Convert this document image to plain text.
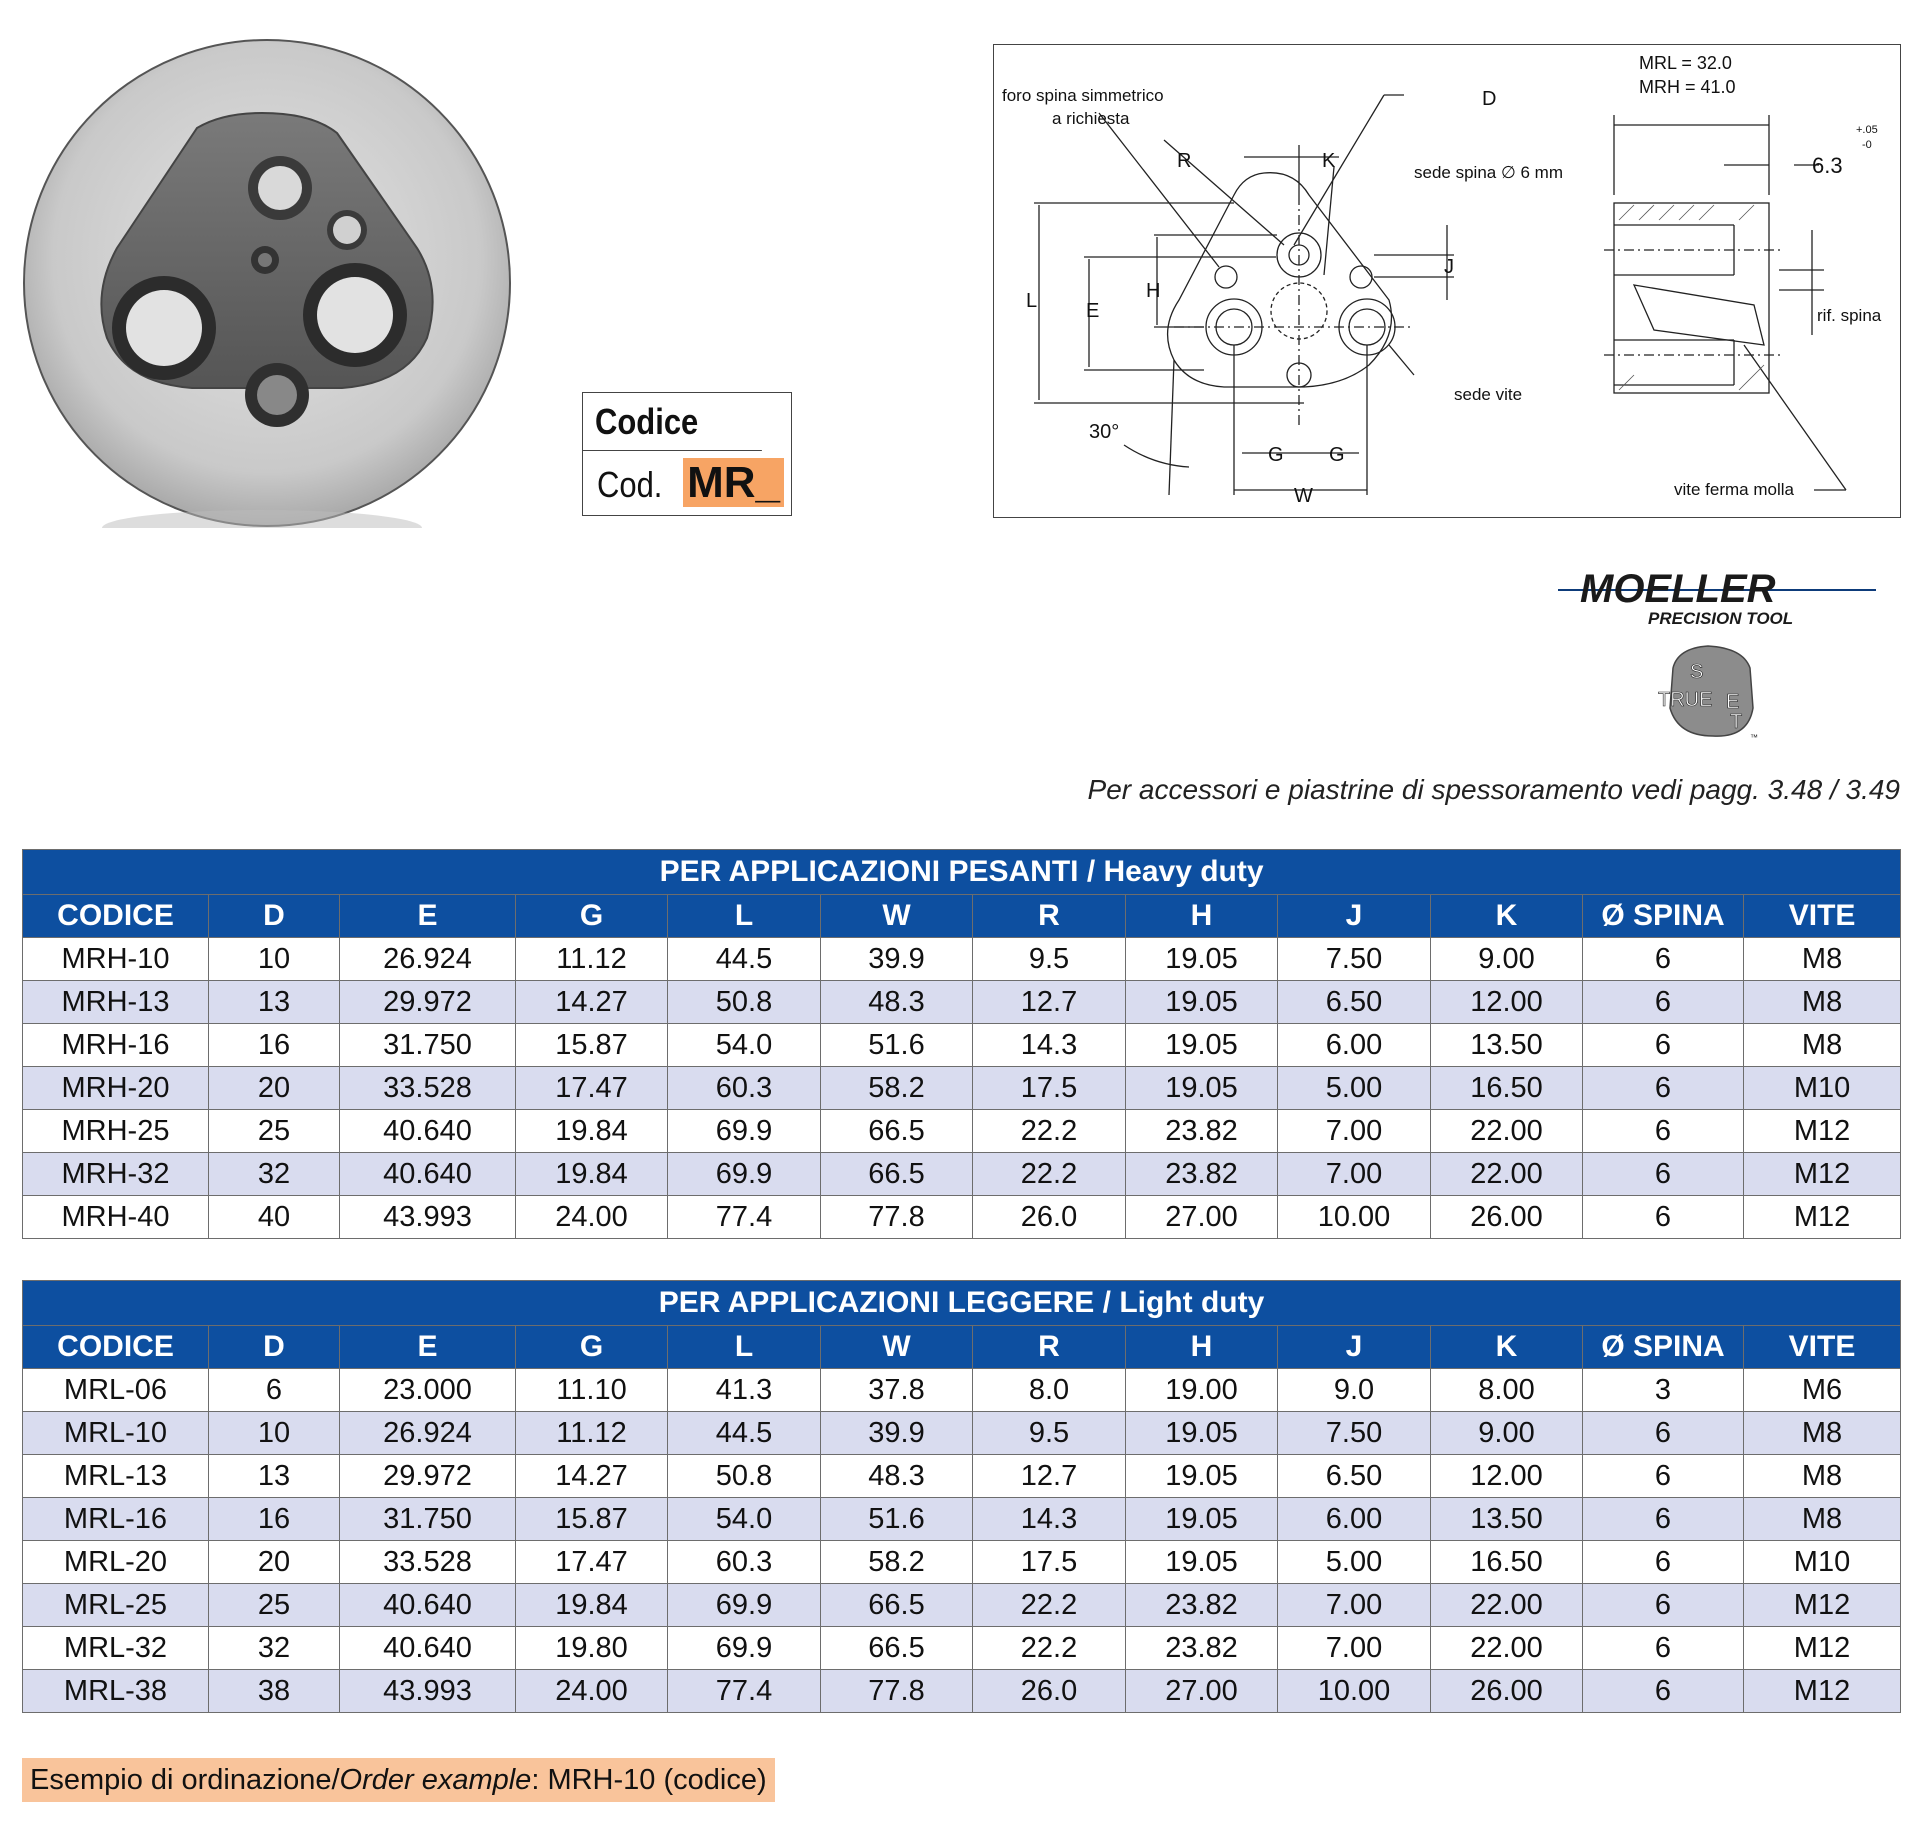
Codice
Cod. MR_
foro spina simmetrico
a richiesta
R	K
D
sede spina ∅ 6 mm
J
H
E
L
sede vite
30°
G G
W
MRL = 32.0
MRH = 41.0
6.3
+.05
-0
rif. spina
vite ferma molla
MOELLER
PRECISION TOOL
S
TRUE E
T
™
Per accessori e piastrine di spessoramento vedi pagg. 3.48 / 3.49
PER APPLICAZIONI PESANTI / Heavy duty											
CODICE	D	E	G	L	W	R	H	J	K	Ø SPINA	VITE
MRH-10	10	26.924	11.12	44.5	39.9	9.5	19.05	7.50	9.00	6	M8
MRH-13	13	29.972	14.27	50.8	48.3	12.7	19.05	6.50	12.00	6	M8
MRH-16	16	31.750	15.87	54.0	51.6	14.3	19.05	6.00	13.50	6	M8
MRH-20	20	33.528	17.47	60.3	58.2	17.5	19.05	5.00	16.50	6	M10
MRH-25	25	40.640	19.84	69.9	66.5	22.2	23.82	7.00	22.00	6	M12
MRH-32	32	40.640	19.84	69.9	66.5	22.2	23.82	7.00	22.00	6	M12
MRH-40	40	43.993	24.00	77.4	77.8	26.0	27.00	10.00	26.00	6	M12
PER APPLICAZIONI LEGGERE / Light duty											
CODICE	D	E	G	L	W	R	H	J	K	Ø SPINA	VITE
MRL-06	6	23.000	11.10	41.3	37.8	8.0	19.00	9.0	8.00	3	M6
MRL-10	10	26.924	11.12	44.5	39.9	9.5	19.05	7.50	9.00	6	M8
MRL-13	13	29.972	14.27	50.8	48.3	12.7	19.05	6.50	12.00	6	M8
MRL-16	16	31.750	15.87	54.0	51.6	14.3	19.05	6.00	13.50	6	M8
MRL-20	20	33.528	17.47	60.3	58.2	17.5	19.05	5.00	16.50	6	M10
MRL-25	25	40.640	19.84	69.9	66.5	22.2	23.82	7.00	22.00	6	M12
MRL-32	32	40.640	19.80	69.9	66.5	22.2	23.82	7.00	22.00	6	M12
MRL-38	38	43.993	24.00	77.4	77.8	26.0	27.00	10.00	26.00	6	M12
Esempio di ordinazione/Order example: MRH-10 (codice)
